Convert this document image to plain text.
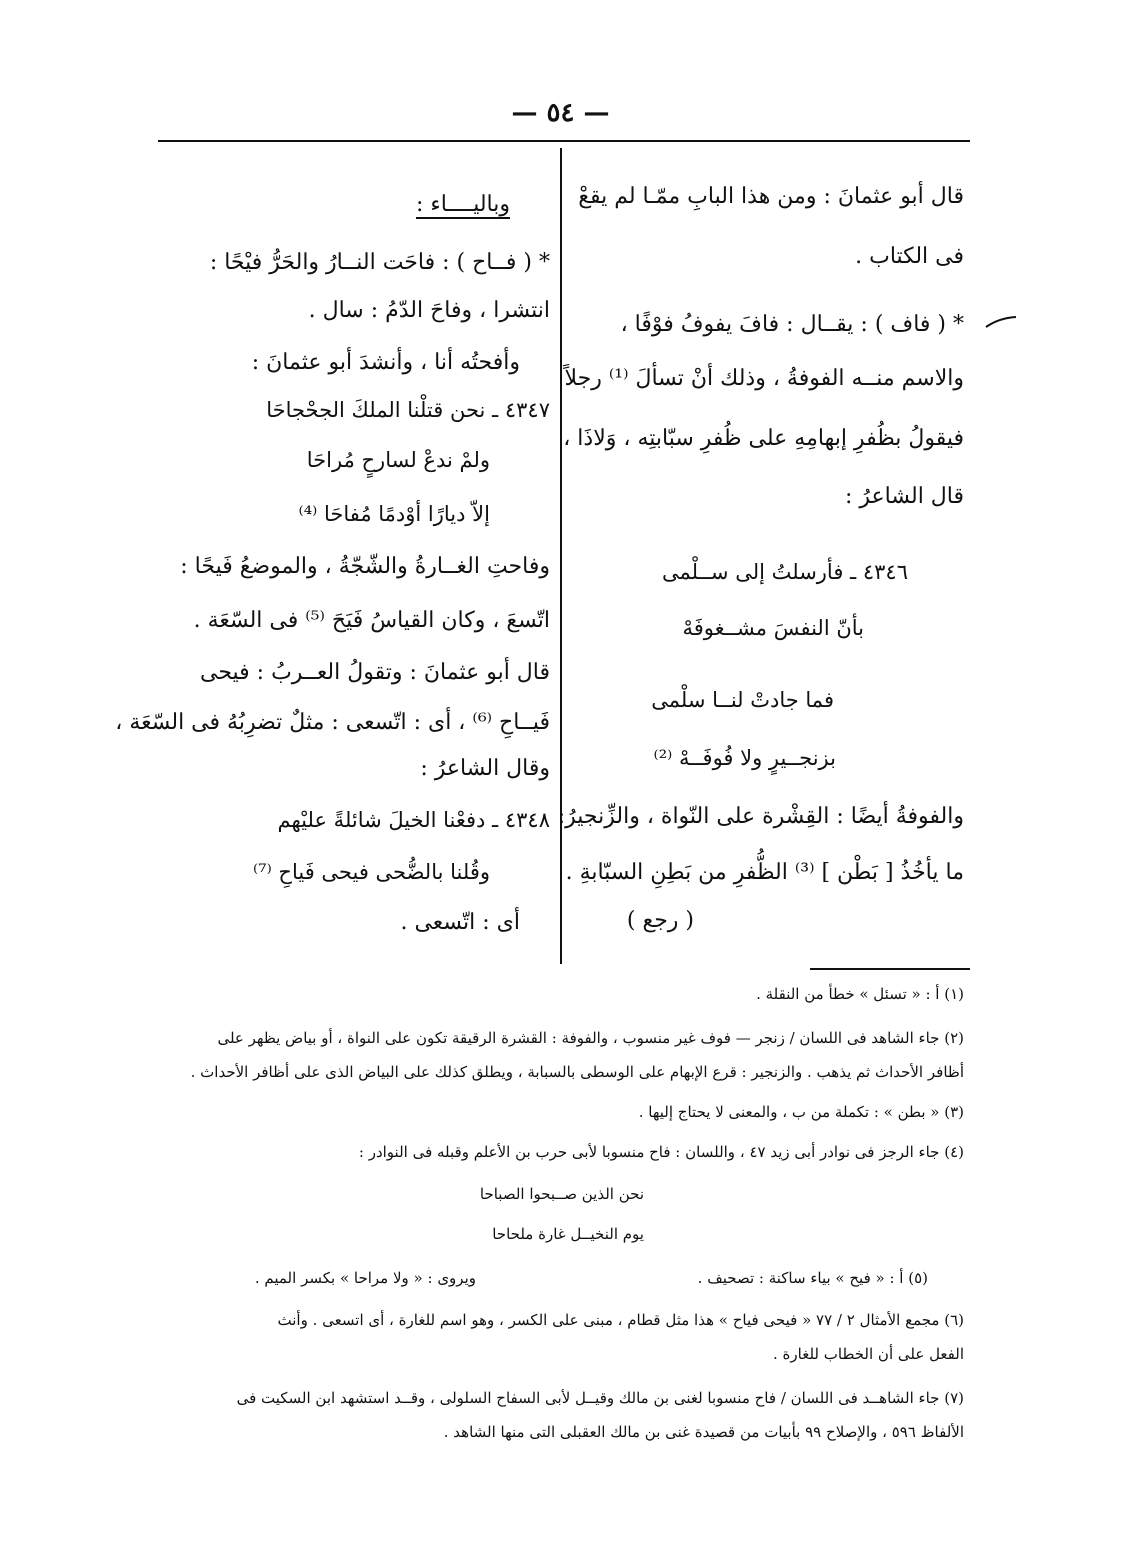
— ٥٤ —

قال أبو عثمانَ : ومن هذا البابِ ممّـا لم يقعْ

فى الكتاب .

* ( فاف ) : يقــال : فافَ يفوفُ فوْفًا ،

والاسم منــه الفوفةُ ، وذلك أنْ تسألَ ⁽¹⁾ رجلاً

فيقولُ بظُفرِ إبهامِهِ على ظُفرِ سبّابتِه ، وَلاذَا ،

قال الشاعرُ :

٤٣٤٦ ـ فأرسلتُ إلى ســلْمى

بأنّ النفسَ مشــغوفَهْ

فما جادتْ لنــا سلْمى

بزنجــيرٍ ولا فُوفَــهْ ⁽²⁾

والفوفةُ أيضًا : القِشْرة على النّواة ، والزِّنجيرُ:

ما يأخُذُ [ بَطْن ] ⁽³⁾ الظُّفرِ من بَطِنِ السبّابةِ .

( رجع )

وباليــــاء :

* ( فــاح ) : فاحَت النــارُ والحَرُّ فيْحًا :

انتشرا ، وفاحَ الدّمُ : سال .

وأفحتُه أنا ، وأنشدَ أبو عثمانَ :

٤٣٤٧ ـ نحن قتلْنا الملكَ الجحْجاحَا

ولمْ ندعْ لسارحٍ مُراحَا

إلاّ ديارًا أوْدمًا مُفاحَا ⁽⁴⁾

وفاحتِ الغــارةُ والشّجّةُ ، والموضعُ فَيحًا :

اتّسعَ ، وكان القياسُ فَيَحَ ⁽⁵⁾ فى السّعَة .

قال أبو عثمانَ : وتقولُ العــربُ : فيحى

فَيــاحِ ⁽⁶⁾ ، أى : اتّسعى : مثلٌ تضرِبُهُ فى السّعَة ،

وقال الشاعرُ :

٤٣٤٨ ـ دفعْنا الخيلَ شائلةً عليْهم

وقُلنا بالضُّحى فيحى فَياحِ ⁽⁷⁾

أى : اتّسعى .

(١) أ : « تسئل » خطأ من النقلة .

(٢) جاء الشاهد فى اللسان / زنجر — فوف غير منسوب ، والفوفة : القشرة الرقيقة تكون على النواة ، أو بياض يظهر على

أظافر الأحداث ثم يذهب . والزنجير : قرع الإبهام على الوسطى بالسبابة ، ويطلق كذلك على البياض الذى على أظافر الأحداث .

(٣) « بطن » : تكملة من ب ، والمعنى لا يحتاج إليها .

(٤) جاء الرجز فى نوادر أبى زيد ٤٧ ، واللسان : فاح منسوبا لأبى حرب بن الأعلم وقبله فى النوادر :

نحن الذين صــبحوا الصباحا

يوم النخيــل غارة ملحاحا

ويروى : « ولا مراحا » بكسر الميم .	(٥) أ : « فيح » بياء ساكنة : تصحيف .

(٦) مجمع الأمثال ٢ / ٧٧ « فيحى فياح » هذا مثل قطام ، مبنى على الكسر ، وهو اسم للغارة ، أى اتسعى . وأنث

الفعل على أن الخطاب للغارة .

(٧) جاء الشاهــد فى اللسان / فاح منسوبا لغنى بن مالك وقيــل لأبى السفاح السلولى ، وقــد استشهد ابن السكيت فى

الألفاظ ٥٩٦ ، والإصلاح ٩٩ بأبيات من قصيدة غنى بن مالك العقبلى التى منها الشاهد .
